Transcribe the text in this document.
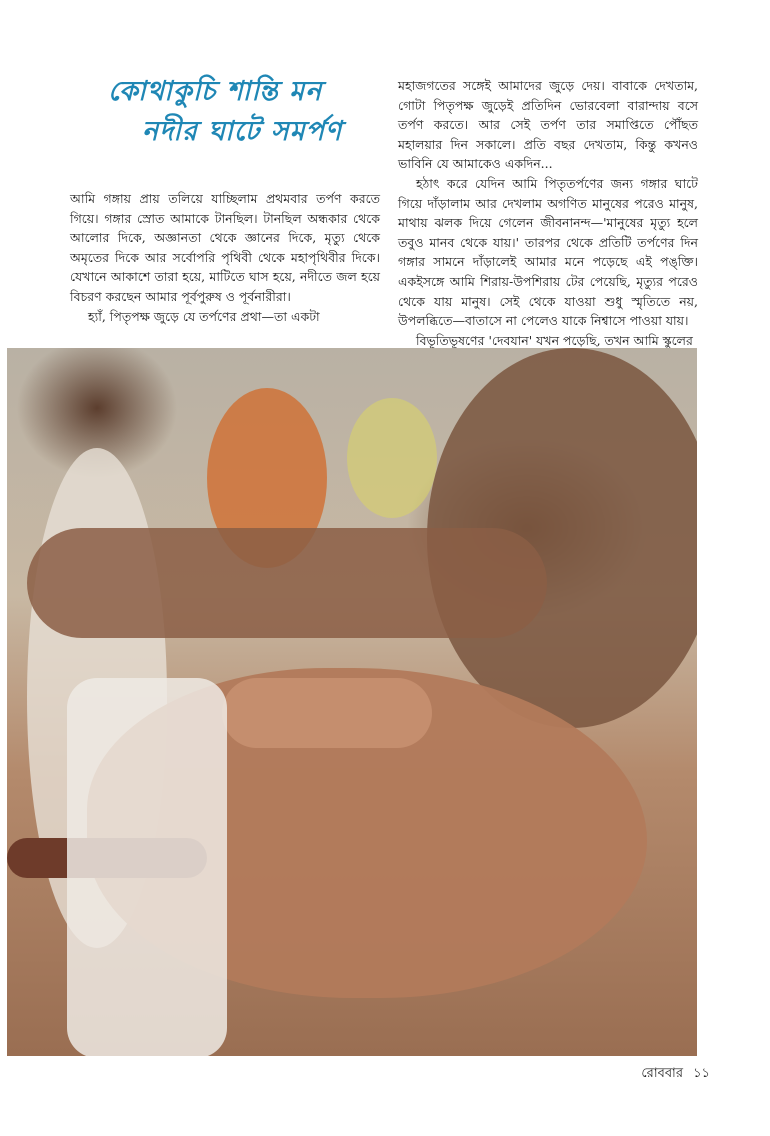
কোথাকুচি শান্তি মন
নদীর ঘাটে সমর্পণ

আমি গঙ্গায় প্রায় তলিয়ে যাচ্ছিলাম প্রথমবার তর্পণ করতে গিয়ে। গঙ্গার স্রোত আমাকে টানছিল। টানছিল অন্ধকার থেকে আলোর দিকে, অজ্ঞানতা থেকে জ্ঞানের দিকে, মৃত্যু থেকে অমৃতের দিকে আর সর্বোপরি পৃথিবী থেকে মহাপৃথিবীর দিকে। যেখানে আকাশে তারা হয়ে, মাটিতে ঘাস হয়ে, নদীতে জল হয়ে বিচরণ করছেন আমার পূর্বপুরুষ ও পূর্বনারীরা।

হ্যাঁ, পিতৃপক্ষ জুড়ে যে তর্পণের প্রথা—তা একটা

মহাজগতের সঙ্গেই আমাদের জুড়ে দেয়। বাবাকে দেখতাম, গোটা পিতৃপক্ষ জুড়েই প্রতিদিন ভোরবেলা বারান্দায় বসে তর্পণ করতে। আর সেই তর্পণ তার সমাপ্তিতে পৌঁছত মহালয়ার দিন সকালে। প্রতি বছর দেখতাম, কিন্তু কখনও ভাবিনি যে আমাকেও একদিন...

হঠাৎ করে যেদিন আমি পিতৃতর্পণের জন্য গঙ্গার ঘাটে গিয়ে দাঁড়ালাম আর দেখলাম অগণিত মানুষের পরেও মানুষ, মাথায় ঝলক দিয়ে গেলেন জীবনানন্দ—'মানুষের মৃত্যু হলে তবুও মানব থেকে যায়।' তারপর থেকে প্রতিটি তর্পণের দিন গঙ্গার সামনে দাঁড়ালেই আমার মনে পড়েছে এই পঙ্‌ক্তি। একইসঙ্গে আমি শিরায়-উপশিরায় টের পেয়েছি, মৃত্যুর পরেও থেকে যায় মানুষ। সেই থেকে যাওয়া শুধু স্মৃতিতে নয়, উপলব্ধিতে—বাতাসে না পেলেও যাকে নিশ্বাসে পাওয়া যায়।

বিভূতিভূষণের 'দেবযান' যখন পড়েছি, তখন আমি স্কুলের

রোববার ১১
